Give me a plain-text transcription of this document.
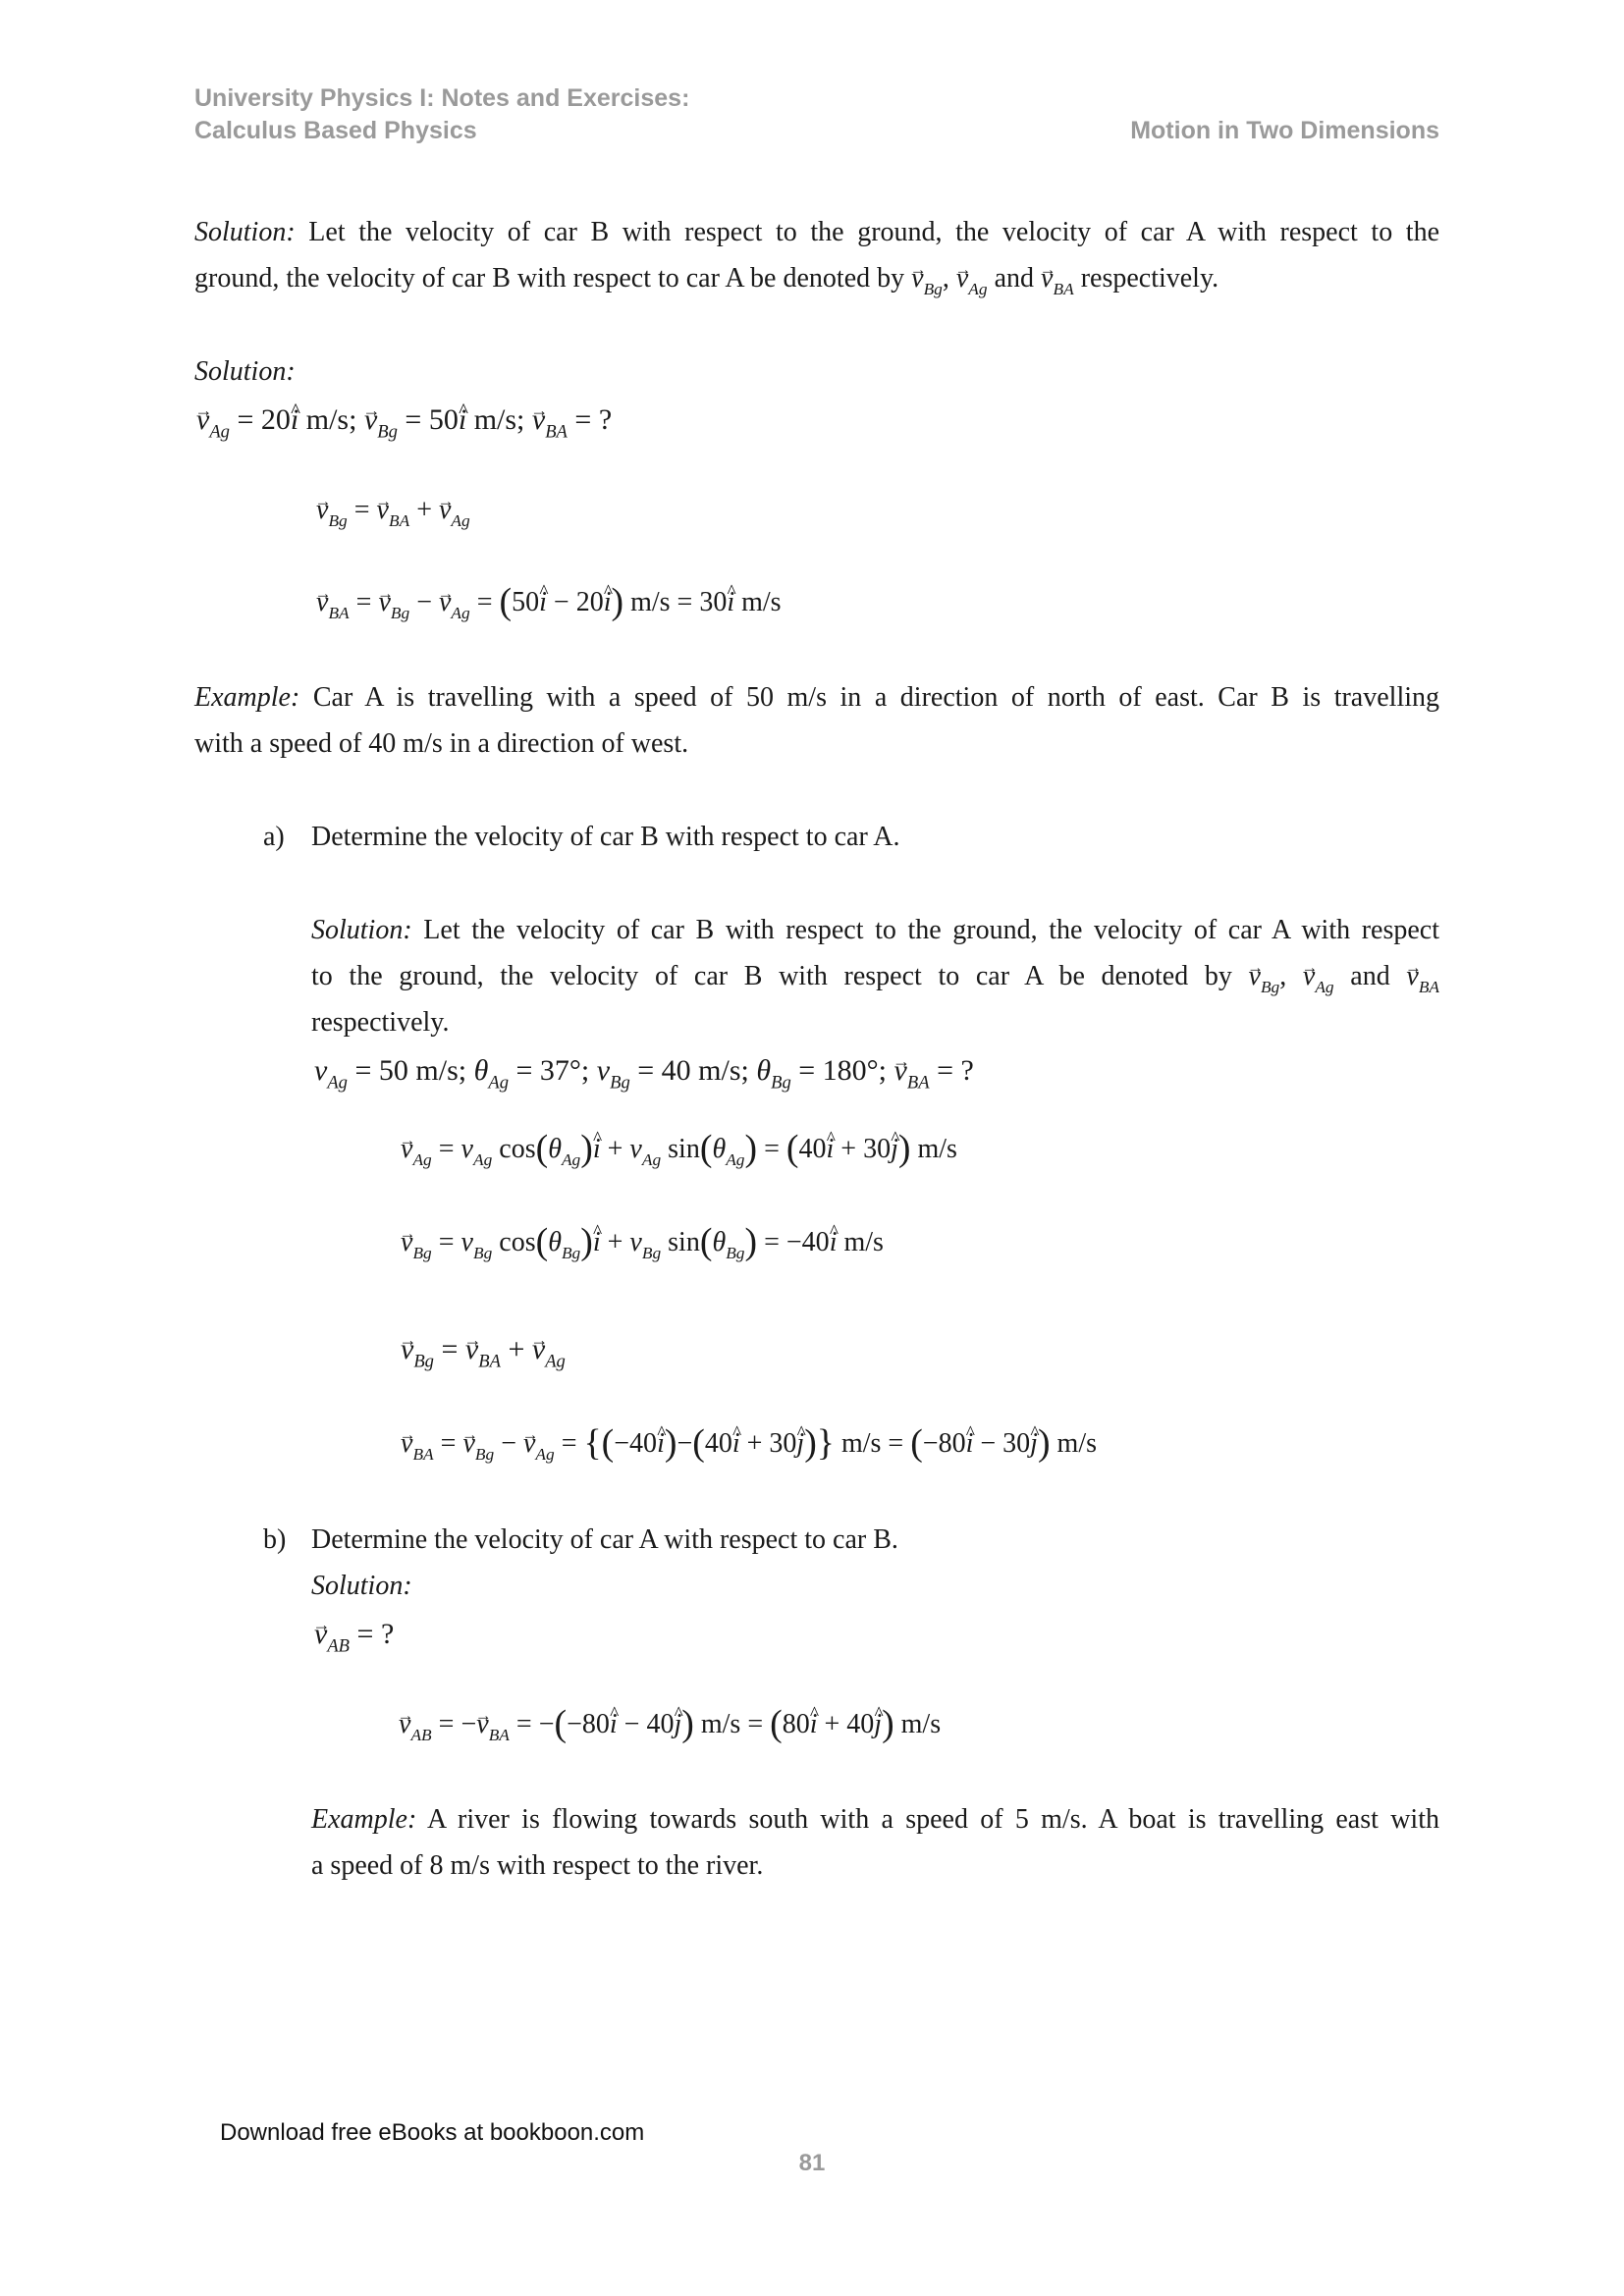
University Physics I: Notes and Exercises:
Calculus Based Physics	Motion in Two Dimensions
Solution: Let the velocity of car B with respect to the ground, the velocity of car A with respect to the
ground, the velocity of car B with respect to car A be denoted by → $v_{Bg}$, → $v_{Ag}$ and → $v_{BA}$ respectively.
Solution:
→ $v_{Ag}$ = 20^ i m/s; → $v_{Bg}$ = 50^ i m/s; → $v_{BA}$ = ?
→ $v_{Bg}$ = → $v_{BA}$ + → $v_{Ag}$
→ $v_{BA}$ = → $v_{Bg}$ − → $v_{Ag}$ = (50^ i − 20^ i) m/s = 30^ i m/s
Example: Car A is travelling with a speed of 50 m/s in a direction of north of east. Car B is travelling
with a speed of 40 m/s in a direction of west.
a) Determine the velocity of car B with respect to car A.
Solution: Let the velocity of car B with respect to the ground, the velocity of car A with respect
to the ground, the velocity of car B with respect to car A be denoted by → $v_{Bg}$, → $v_{Ag}$ and → $v_{BA}$
respectively.
$v_{Ag} = 50$ m/s; $\theta_{Ag} = 37^\circ$; $v_{Bg} = 40$ m/s; $\theta_{Bg} = 180^\circ$; → $v_{BA}$ = ?
→ $v_{Ag} = v_{Ag}$ $\cos(\theta_{Ag})\^{}$ $i + v_{Ag}$ $\sin(\theta_{Ag})$ = (40^ i + 30^ j) m/s
→ $v_{Bg} = v_{Bg}$ $\cos(\theta_{Bg})\^{}$ $i + v_{Bg}$ $\sin(\theta_{Bg})$ = −40^ i m/s
→ $v_{Bg}$ = → $v_{BA}$ + → $v_{Ag}$
→ $v_{BA}$ = → $v_{Bg}$ − → $v_{Ag}$ = {(−40^ i)−(40^ i + 30^ j)} m/s = (−80^ i − 30^ j) m/s
b) Determine the velocity of car A with respect to car B.
Solution:
→ $v_{AB}$ = ?
→ $v_{AB}$ = −→ $v_{BA}$ = −(−80^ i − 40^ j) m/s = (80^ i + 40^ j) m/s
Example: A river is flowing towards south with a speed of 5 m/s. A boat is travelling east with
a speed of 8 m/s with respect to the river.
Download free eBooks at bookboon.com
81
